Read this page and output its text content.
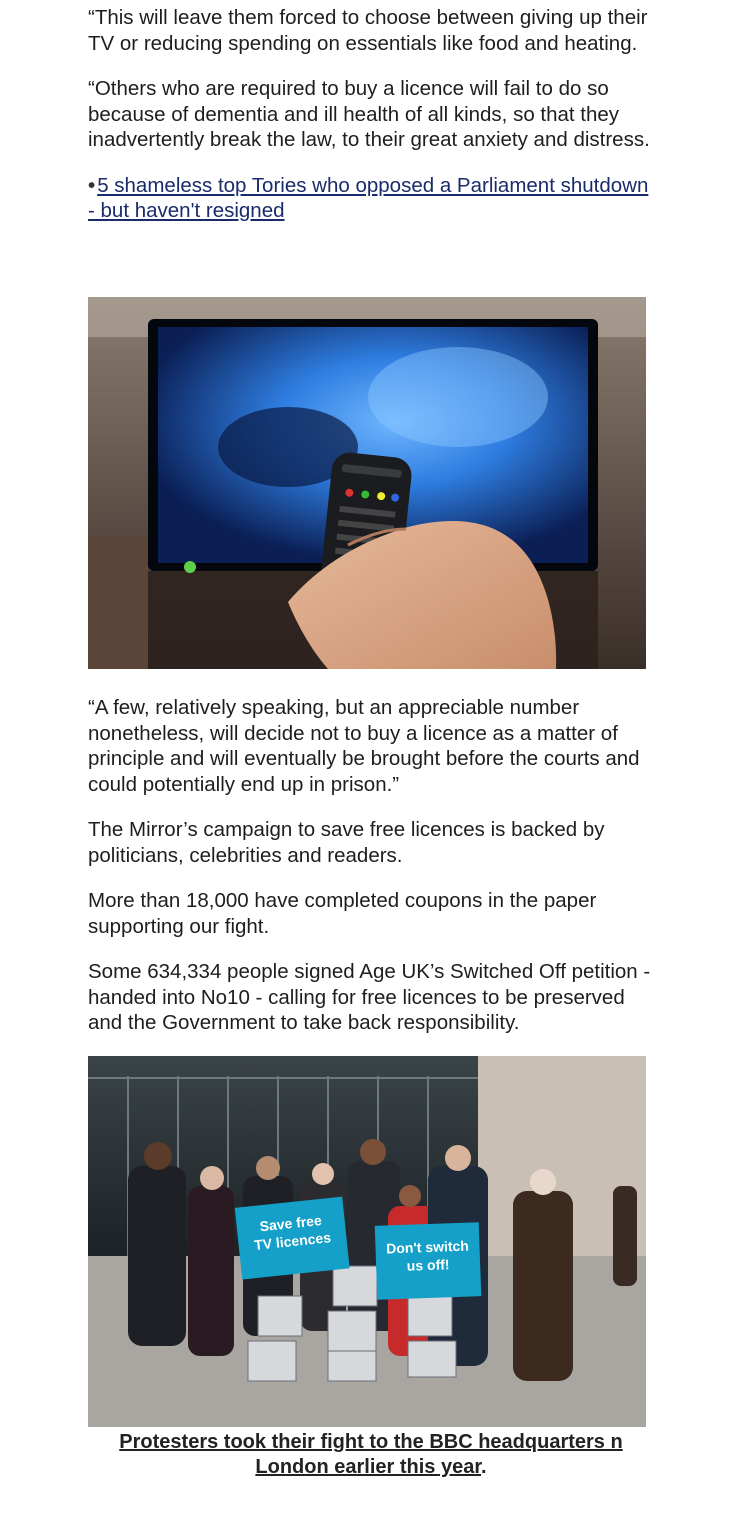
“This will leave them forced to choose between giving up their TV or reducing spending on essentials like food and heating.

“Others who are required to buy a licence will fail to do so because of dementia and ill health of all kinds, so that they inadvertently break the law, to their great anxiety and distress.

•5 shameless top Tories who opposed a Parliament shutdown - but haven't resigned

“A few, relatively speaking, but an appreciable number nonetheless, will decide not to buy a licence as a matter of principle and will eventually be brought before the courts and could potentially end up in prison.”

The Mirror’s campaign to save free licences is backed by politicians, celebrities and readers.

More than 18,000 have completed coupons in the paper supporting our fight.

Some 634,334 people signed Age UK’s Switched Off petition - handed into No10 - calling for free licences to be preserved and the Government to take back responsibility.

Save free
TV licences	Don't switch
us off!
Protesters took their fight to the BBC headquarters n London earlier this year.
